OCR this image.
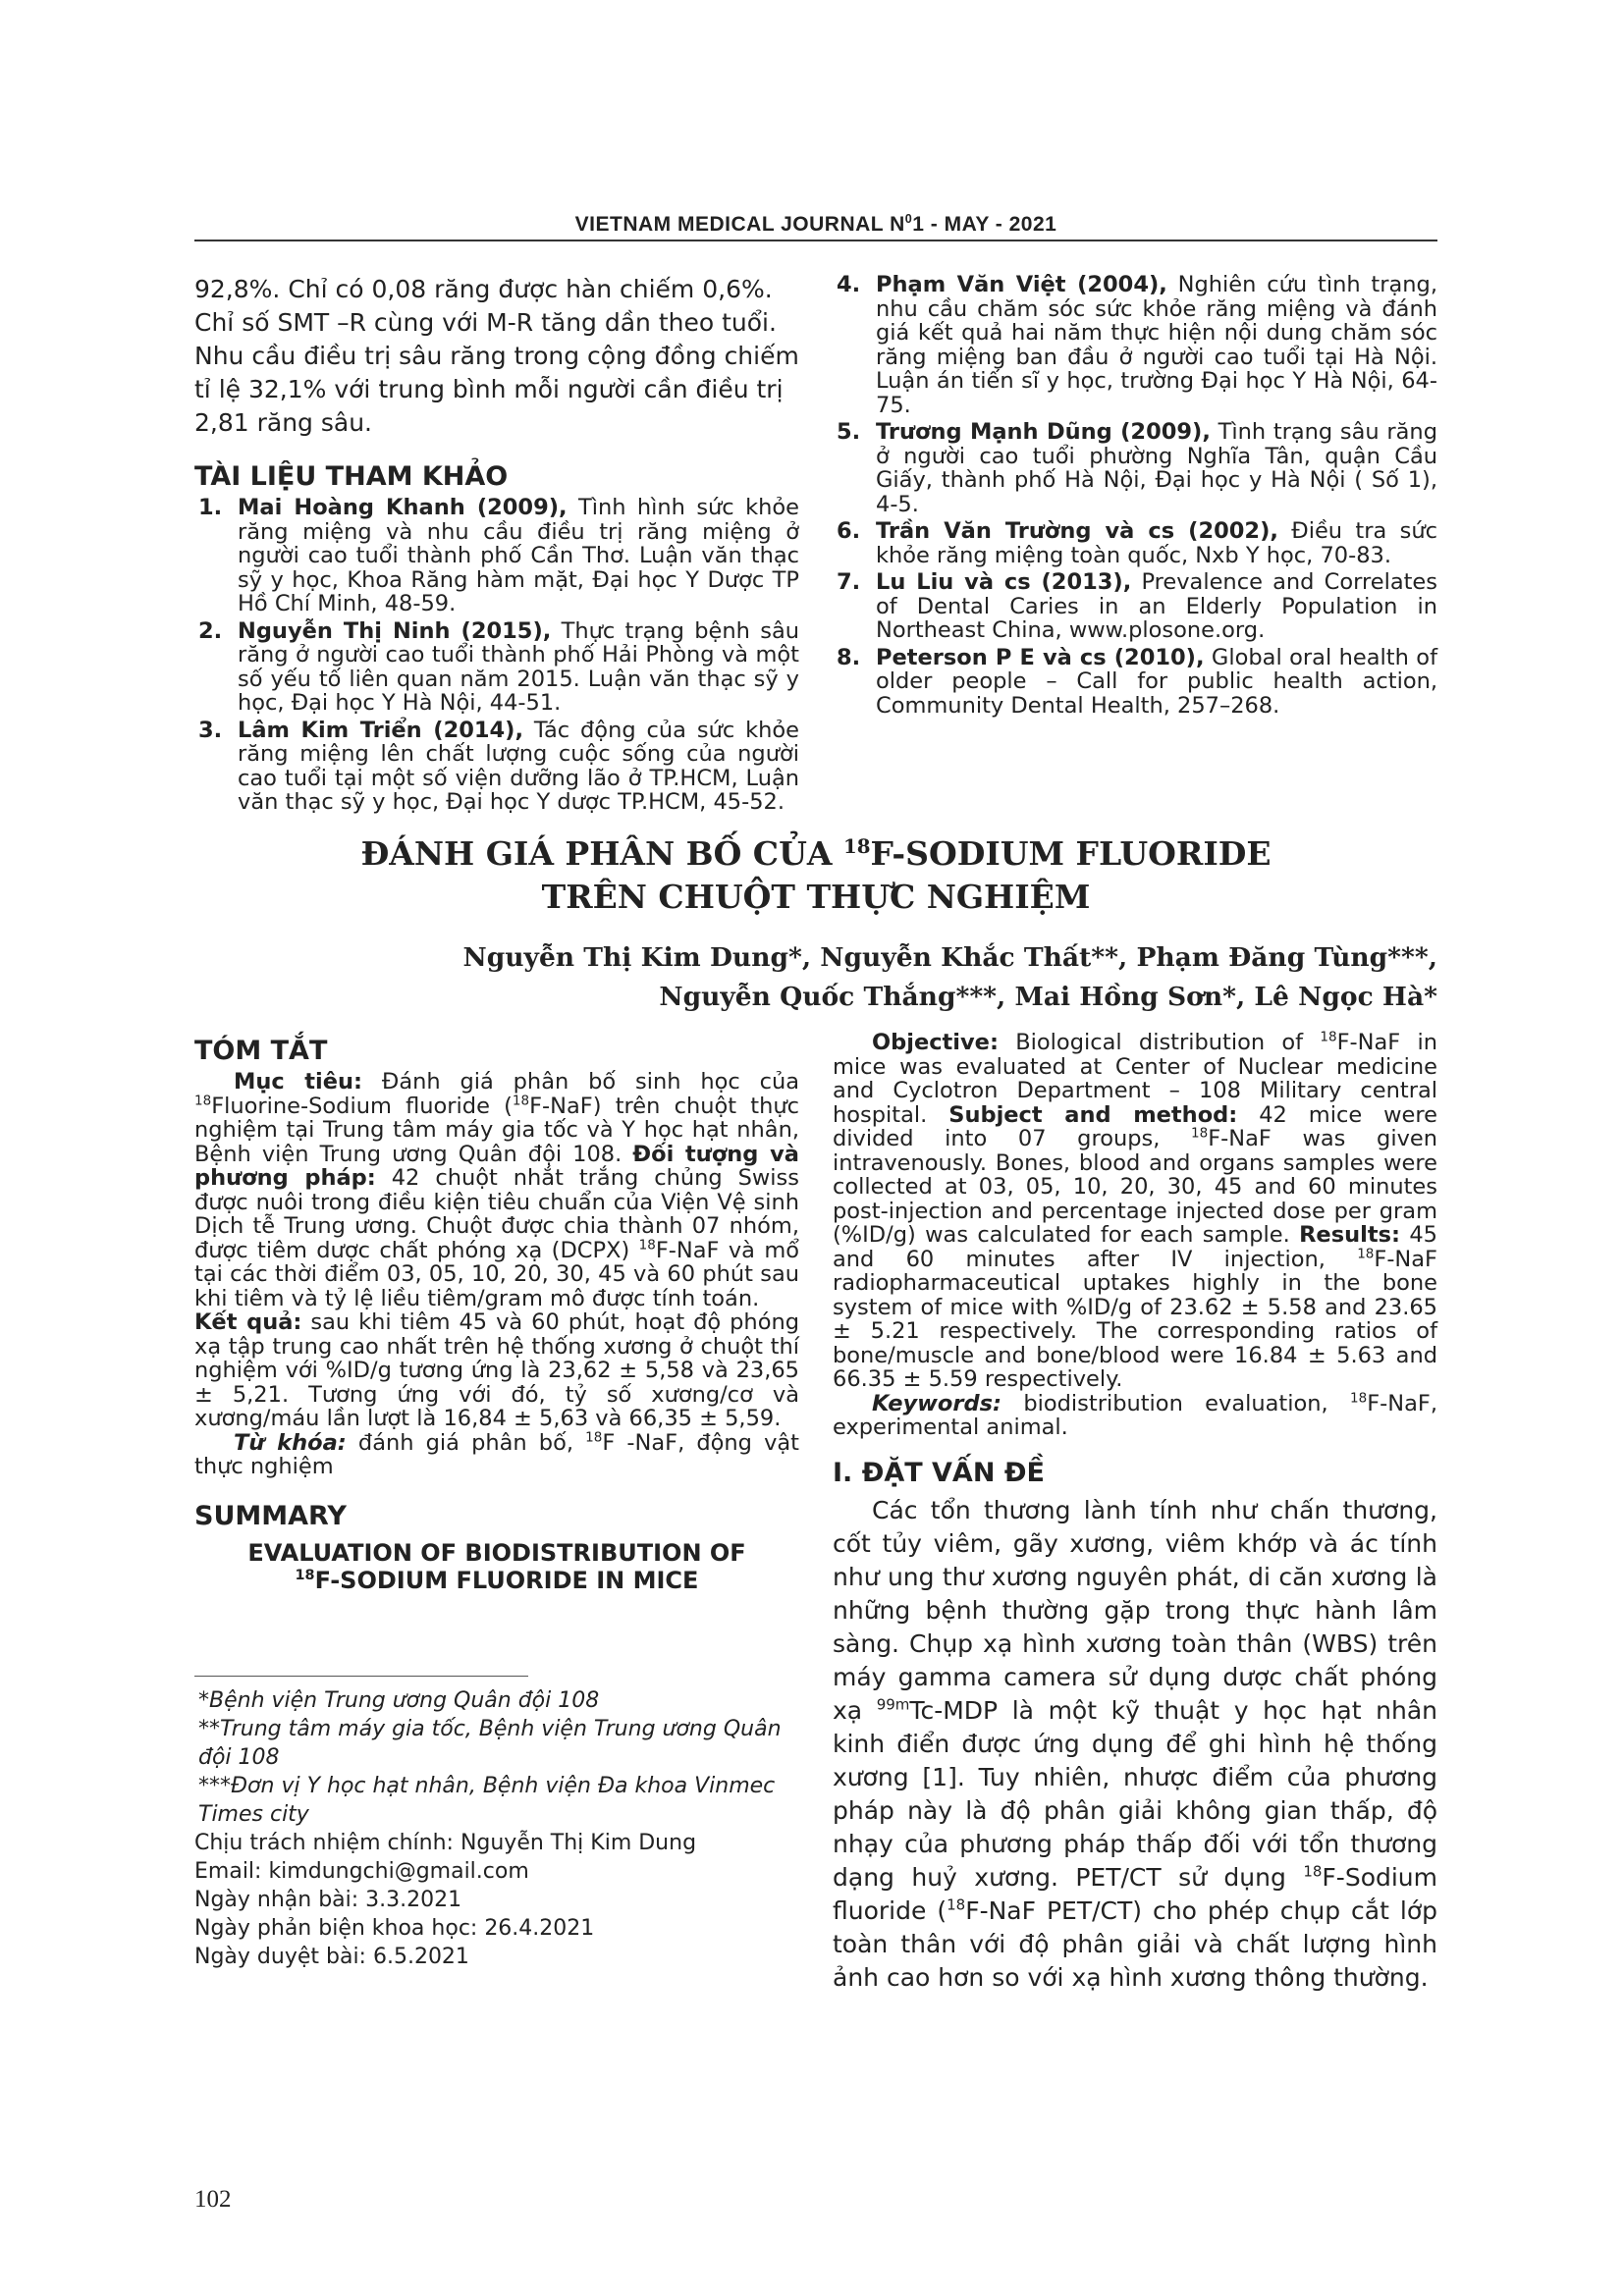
VIETNAM MEDICAL JOURNAL $N^01$ - MAY - 2021

92,8%. Chỉ có 0,08 răng được hàn chiếm 0,6%. Chỉ số SMT –R cùng với M-R tăng dần theo tuổi. Nhu cầu điều trị sâu răng trong cộng đồng chiếm tỉ lệ 32,1% với trung bình mỗi người cần điều trị 2,81 răng sâu.

TÀI LIỆU THAM KHẢO
1. Mai Hoàng Khanh (2009), Tình hình sức khỏe răng miệng và nhu cầu điều trị răng miệng ở người cao tuổi thành phố Cần Thơ. Luận văn thạc sỹ y học, Khoa Răng hàm mặt, Đại học Y Dược TP Hồ Chí Minh, 48-59.
2. Nguyễn Thị Ninh (2015), Thực trạng bệnh sâu răng ở người cao tuổi thành phố Hải Phòng và một số yếu tố liên quan năm 2015. Luận văn thạc sỹ y học, Đại học Y Hà Nội, 44-51.
3. Lâm Kim Triển (2014), Tác động của sức khỏe răng miệng lên chất lượng cuộc sống của người cao tuổi tại một số viện dưỡng lão ở TP.HCM, Luận văn thạc sỹ y học, Đại học Y dược TP.HCM, 45-52.
4. Phạm Văn Việt (2004), Nghiên cứu tình trạng, nhu cầu chăm sóc sức khỏe răng miệng và đánh giá kết quả hai năm thực hiện nội dung chăm sóc răng miệng ban đầu ở người cao tuổi tại Hà Nội. Luận án tiến sĩ y học, trường Đại học Y Hà Nội, 64-75.
5. Trương Mạnh Dũng (2009), Tình trạng sâu răng ở người cao tuổi phường Nghĩa Tân, quận Cầu Giấy, thành phố Hà Nội, Đại học y Hà Nội ( Số 1), 4-5.
6. Trần Văn Trường và cs (2002), Điều tra sức khỏe răng miệng toàn quốc, Nxb Y học, 70-83.
7. Lu Liu và cs (2013), Prevalence and Correlates of Dental Caries in an Elderly Population in Northeast China, www.plosone.org.
8. Peterson P E và cs (2010), Global oral health of older people – Call for public health action, Community Dental Health, 257–268.
ĐÁNH GIÁ PHÂN BỐ CỦA $^{18}$F-SODIUM FLUORIDE
TRÊN CHUỘT THỰC NGHIỆM
Nguyễn Thị Kim Dung*, Nguyễn Khắc Thất**, Phạm Đăng Tùng***,
Nguyễn Quốc Thắng***, Mai Hồng Sơn*, Lê Ngọc Hà*
TÓM TẮT

Mục tiêu: Đánh giá phân bố sinh học của $^{18}$Fluorine-Sodium fluoride ($^{18}$F-NaF) trên chuột thực nghiệm tại Trung tâm máy gia tốc và Y học hạt nhân, Bệnh viện Trung ương Quân đội 108. Đối tượng và phương pháp: 42 chuột nhắt trắng chủng Swiss được nuôi trong điều kiện tiêu chuẩn của Viện Vệ sinh Dịch tễ Trung ương. Chuột được chia thành 07 nhóm, được tiêm dược chất phóng xạ (DCPX) $^{18}$F-NaF và mổ tại các thời điểm 03, 05, 10, 20, 30, 45 và 60 phút sau khi tiêm và tỷ lệ liều tiêm/gram mô được tính toán.
Kết quả: sau khi tiêm 45 và 60 phút, hoạt độ phóng xạ tập trung cao nhất trên hệ thống xương ở chuột thí nghiệm với %ID/g tương ứng là 23,62 ± 5,58 và 23,65 ± 5,21. Tương ứng với đó, tỷ số xương/cơ và xương/máu lần lượt là 16,84 ± 5,63 và 66,35 ± 5,59.

Từ khóa: đánh giá phân bố, $^{18}$F -NaF, động vật thực nghiệm

SUMMARY
EVALUATION OF BIODISTRIBUTION OF
$^{18}$F-SODIUM FLUORIDE IN MICE
*Bệnh viện Trung ương Quân đội 108
**Trung tâm máy gia tốc, Bệnh viện Trung ương Quân đội 108
***Đơn vị Y học hạt nhân, Bệnh viện Đa khoa Vinmec Times city
Chịu trách nhiệm chính: Nguyễn Thị Kim Dung
Email: kimdungchi@gmail.com
Ngày nhận bài: 3.3.2021
Ngày phản biện khoa học: 26.4.2021
Ngày duyệt bài: 6.5.2021

Objective: Biological distribution of $^{18}$F-NaF in mice was evaluated at Center of Nuclear medicine and Cyclotron Department – 108 Military central hospital. Subject and method: 42 mice were divided into 07 groups, $^{18}$F-NaF was given intravenously. Bones, blood and organs samples were collected at 03, 05, 10, 20, 30, 45 and 60 minutes post-injection and percentage injected dose per gram (%ID/g) was calculated for each sample. Results: 45 and 60 minutes after IV injection, $^{18}$F-NaF radiopharmaceutical uptakes highly in the bone system of mice with %ID/g of 23.62 ± 5.58 and 23.65 ± 5.21 respectively. The corresponding ratios of bone/muscle and bone/blood were 16.84 ± 5.63 and 66.35 ± 5.59 respectively.

Keywords: biodistribution evaluation, $^{18}$F-NaF, experimental animal.

I. ĐẶT VẤN ĐỀ

Các tổn thương lành tính như chấn thương, cốt tủy viêm, gãy xương, viêm khớp và ác tính như ung thư xương nguyên phát, di căn xương là những bệnh thường gặp trong thực hành lâm sàng. Chụp xạ hình xương toàn thân (WBS) trên máy gamma camera sử dụng dược chất phóng xạ $^{99m}$Tc-MDP là một kỹ thuật y học hạt nhân kinh điển được ứng dụng để ghi hình hệ thống xương [1]. Tuy nhiên, nhược điểm của phương pháp này là độ phân giải không gian thấp, độ nhạy của phương pháp thấp đối với tổn thương dạng huỷ xương. PET/CT sử dụng $^{18}$F-Sodium fluoride ($^{18}$F-NaF PET/CT) cho phép chụp cắt lớp toàn thân với độ phân giải và chất lượng hình ảnh cao hơn so với xạ hình xương thông thường.

102
